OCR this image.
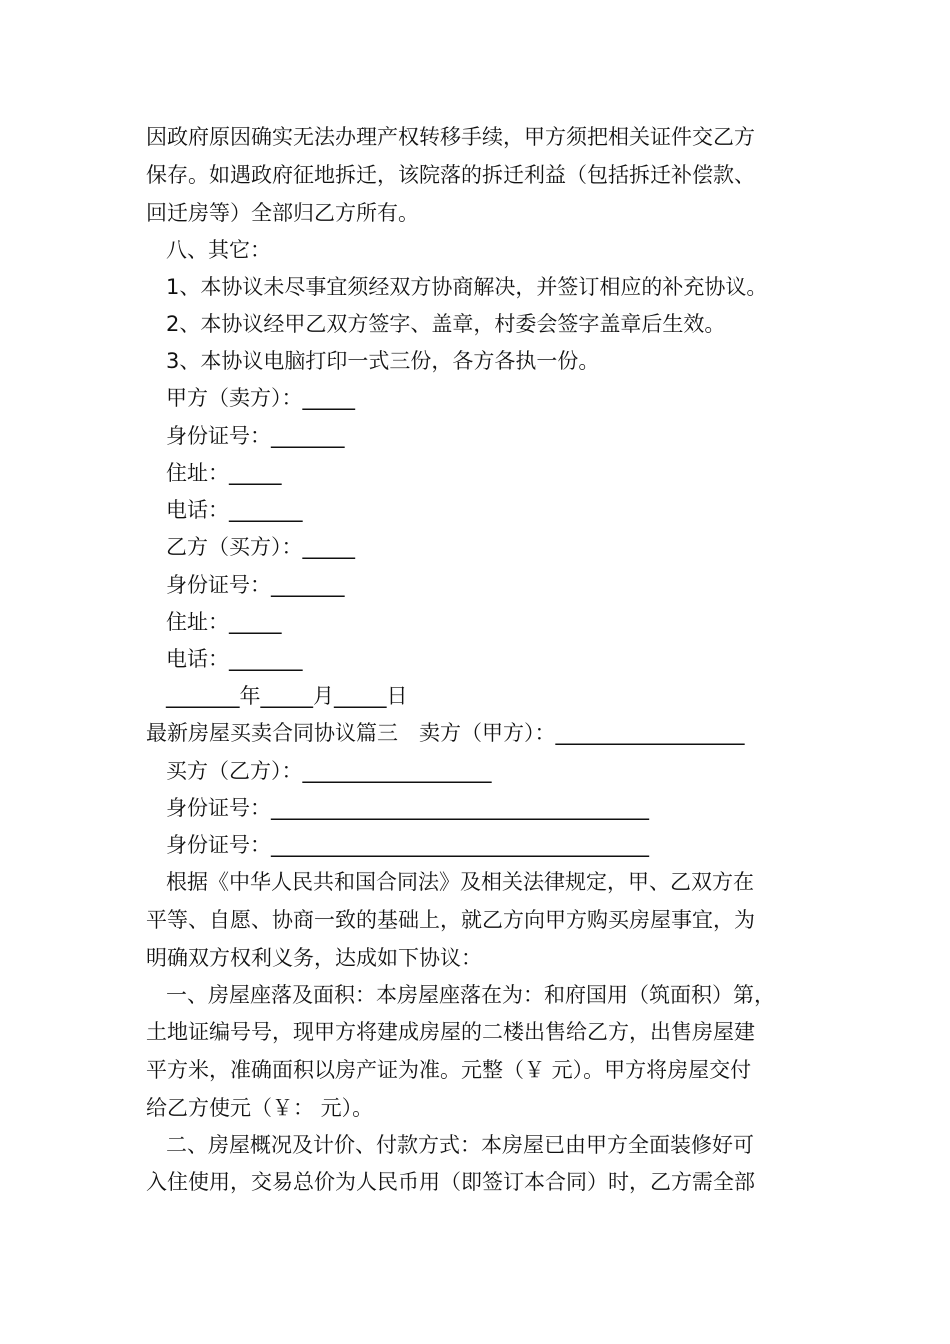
因政府原因确实无法办理产权转移手续，甲方须把相关证件交乙方
保存。如遇政府征地拆迁，该院落的拆迁利益（包括拆迁补偿款、
回迁房等）全部归乙方所有。
八、其它：
1、本协议未尽事宜须经双方协商解决，并签订相应的补充协议。
2、本协议经甲乙双方签字、盖章，村委会签字盖章后生效。
3、本协议电脑打印一式三份，各方各执一份。
甲方（卖方）：_____
身份证号：_______
住址：_____
电话：_______
乙方（买方）：_____
身份证号：_______
住址：_____
电话：_______
_______年_____月_____日
最新房屋买卖合同协议篇三　卖方（甲方）：__________________
买方（乙方）：__________________
身份证号：____________________________________
身份证号：____________________________________
根据《中华人民共和国合同法》及相关法律规定，甲、乙双方在
平等、自愿、协商一致的基础上，就乙方向甲方购买房屋事宜，为
明确双方权利义务，达成如下协议：
一、房屋座落及面积：本房屋座落在为：和府国用（筑面积）第，
土地证编号号，现甲方将建成房屋的二楼出售给乙方，出售房屋建
平方米，准确面积以房产证为准。元整（￥ 元）。甲方将房屋交付
给乙方使元（￥： 元）。
二、房屋概况及计价、付款方式：本房屋已由甲方全面装修好可
入住使用，交易总价为人民币用（即签订本合同）时，乙方需全部
